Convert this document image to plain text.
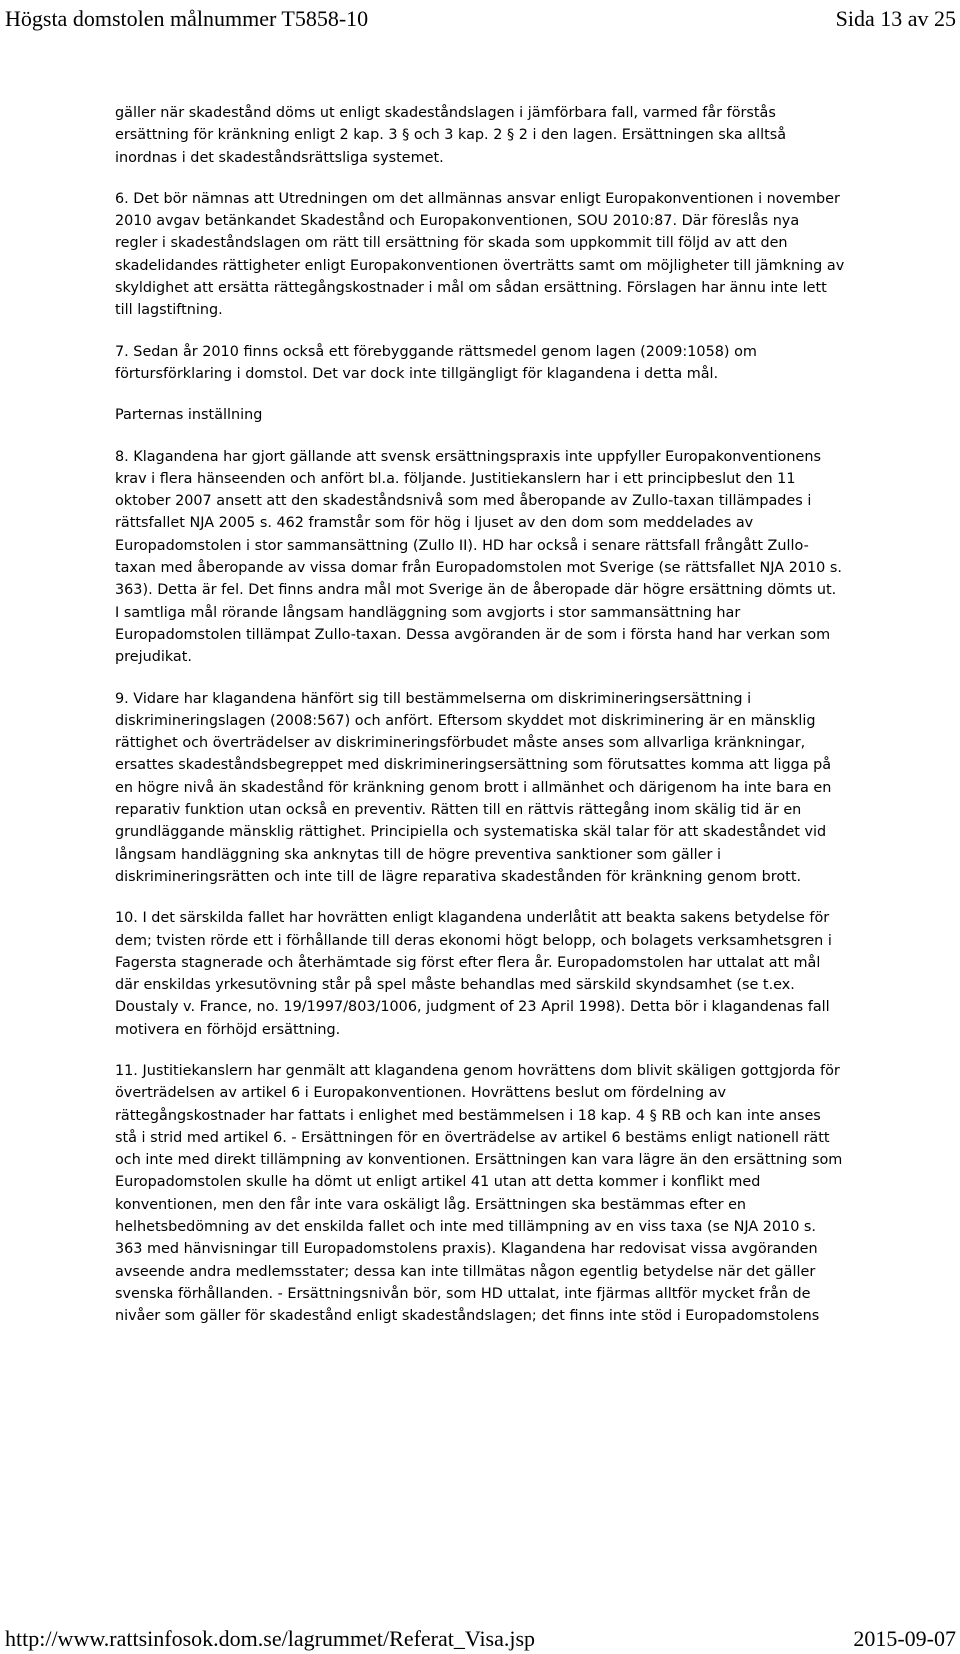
Högsta domstolen målnummer T5858-10	Sida 13 av 25

gäller när skadestånd döms ut enligt skadeståndslagen i jämförbara fall, varmed får förstås ersättning för kränkning enligt 2 kap. 3 § och 3 kap. 2 § 2 i den lagen. Ersättningen ska alltså inordnas i det skadeståndsrättsliga systemet.

6. Det bör nämnas att Utredningen om det allmännas ansvar enligt Europakonventionen i november 2010 avgav betänkandet Skadestånd och Europakonventionen, SOU 2010:87. Där föreslås nya regler i skadeståndslagen om rätt till ersättning för skada som uppkommit till följd av att den skadelidandes rättigheter enligt Europakonventionen överträtts samt om möjligheter till jämkning av skyldighet att ersätta rättegångskostnader i mål om sådan ersättning. Förslagen har ännu inte lett till lagstiftning.

7. Sedan år 2010 finns också ett förebyggande rättsmedel genom lagen (2009:1058) om förtursförklaring i domstol. Det var dock inte tillgängligt för klagandena i detta mål.

Parternas inställning

8. Klagandena har gjort gällande att svensk ersättningspraxis inte uppfyller Europakonventionens krav i flera hänseenden och anfört bl.a. följande. Justitiekanslern har i ett principbeslut den 11 oktober 2007 ansett att den skadeståndsnivå som med åberopande av Zullo-taxan tillämpades i rättsfallet NJA 2005 s. 462 framstår som för hög i ljuset av den dom som meddelades av Europadomstolen i stor sammansättning (Zullo II). HD har också i senare rättsfall frångått Zullo-taxan med åberopande av vissa domar från Europadomstolen mot Sverige (se rättsfallet NJA 2010 s. 363). Detta är fel. Det finns andra mål mot Sverige än de åberopade där högre ersättning dömts ut. I samtliga mål rörande långsam handläggning som avgjorts i stor sammansättning har Europadomstolen tillämpat Zullo-taxan. Dessa avgöranden är de som i första hand har verkan som prejudikat.

9. Vidare har klagandena hänfört sig till bestämmelserna om diskrimineringsersättning i diskrimineringslagen (2008:567) och anfört. Eftersom skyddet mot diskriminering är en mänsklig rättighet och överträdelser av diskrimineringsförbudet måste anses som allvarliga kränkningar, ersattes skadeståndsbegreppet med diskrimineringsersättning som förutsattes komma att ligga på en högre nivå än skadestånd för kränkning genom brott i allmänhet och därigenom ha inte bara en reparativ funktion utan också en preventiv. Rätten till en rättvis rättegång inom skälig tid är en grundläggande mänsklig rättighet. Principiella och systematiska skäl talar för att skadeståndet vid långsam handläggning ska anknytas till de högre preventiva sanktioner som gäller i diskrimineringsrätten och inte till de lägre reparativa skadestånden för kränkning genom brott.

10. I det särskilda fallet har hovrätten enligt klagandena underlåtit att beakta sakens betydelse för dem; tvisten rörde ett i förhållande till deras ekonomi högt belopp, och bolagets verksamhetsgren i Fagersta stagnerade och återhämtade sig först efter flera år. Europadomstolen har uttalat att mål där enskildas yrkesutövning står på spel måste behandlas med särskild skyndsamhet (se t.ex. Doustaly v. France, no. 19/1997/803/1006, judgment of 23 April 1998). Detta bör i klagandenas fall motivera en förhöjd ersättning.

11. Justitiekanslern har genmält att klagandena genom hovrättens dom blivit skäligen gottgjorda för överträdelsen av artikel 6 i Europakonventionen. Hovrättens beslut om fördelning av rättegångskostnader har fattats i enlighet med bestämmelsen i 18 kap. 4 § RB och kan inte anses stå i strid med artikel 6. - Ersättningen för en överträdelse av artikel 6 bestäms enligt nationell rätt och inte med direkt tillämpning av konventionen. Ersättningen kan vara lägre än den ersättning som Europadomstolen skulle ha dömt ut enligt artikel 41 utan att detta kommer i konflikt med konventionen, men den får inte vara oskäligt låg. Ersättningen ska bestämmas efter en helhetsbedömning av det enskilda fallet och inte med tillämpning av en viss taxa (se NJA 2010 s. 363 med hänvisningar till Europadomstolens praxis). Klagandena har redovisat vissa avgöranden avseende andra medlemsstater; dessa kan inte tillmätas någon egentlig betydelse när det gäller svenska förhållanden. - Ersättningsnivån bör, som HD uttalat, inte fjärmas alltför mycket från de nivåer som gäller för skadestånd enligt skadeståndslagen; det finns inte stöd i Europadomstolens

http://www.rattsinfosok.dom.se/lagrummet/Referat_Visa.jsp	2015-09-07
